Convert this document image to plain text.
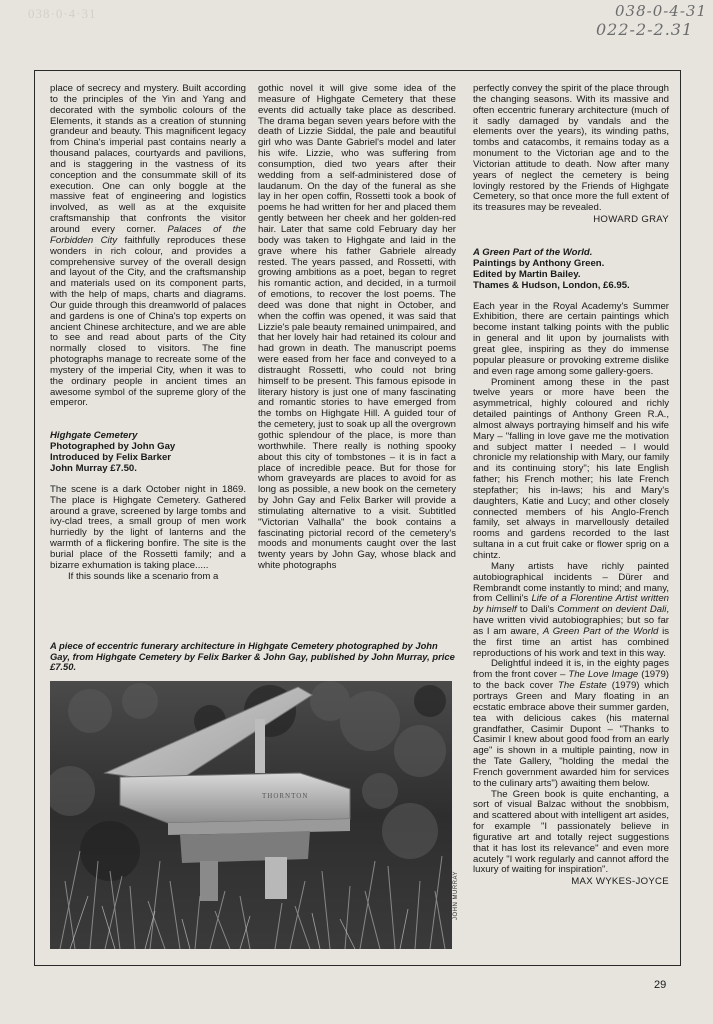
038·0·4·31	038-0-4-31
022-2-2.31

place of secrecy and mystery. Built according to the principles of the Yin and Yang and decorated with the symbolic colours of the Elements, it stands as a creation of stunning grandeur and beauty. This magnificent legacy from China's imperial past contains nearly a thousand palaces, courtyards and pavilions, and is staggering in the vastness of its conception and the consummate skill of its execution. One can only boggle at the massive feat of engineering and logistics involved, as well as at the exquisite craftsmanship that confronts the visitor around every corner. Palaces of the Forbidden City faithfully reproduces these wonders in rich colour, and provides a comprehensive survey of the overall design and layout of the City, and the craftsmanship and materials used on its component parts, with the help of maps, charts and diagrams. Our guide through this dreamworld of palaces and gardens is one of China's top experts on ancient Chinese architecture, and we are able to see and read about parts of the City normally closed to visitors. The fine photographs manage to recreate some of the mystery of the imperial City, when it was to the ordinary people in ancient times an awesome symbol of the supreme glory of the emperor.

Highgate Cemetery
Photographed by John Gay
Introduced by Felix Barker
John Murray £7.50.

The scene is a dark October night in 1869. The place is Highgate Cemetery. Gathered around a grave, screened by large tombs and ivy-clad trees, a small group of men work hurriedly by the light of lanterns and the warmth of a flickering bonfire. The site is the burial place of the Rossetti family; and a bizarre exhumation is taking place.....

If this sounds like a scenario from a

gothic novel it will give some idea of the measure of Highgate Cemetery that these events did actually take place as described. The drama began seven years before with the death of Lizzie Siddal, the pale and beautiful girl who was Dante Gabriel's model and later his wife. Lizzie, who was suffering from consumption, died two years after their wedding from a self-administered dose of laudanum. On the day of the funeral as she lay in her open coffin, Rossetti took a book of poems he had written for her and placed them gently between her cheek and her golden-red hair. Later that same cold February day her body was taken to Highgate and laid in the grave where his father Gabriele already rested. The years passed, and Rossetti, with growing ambitions as a poet, began to regret his romantic action, and decided, in a turmoil of emotions, to recover the lost poems. The deed was done that night in October, and when the coffin was opened, it was said that Lizzie's pale beauty remained unimpaired, and that her lovely hair had retained its colour and had grown in death. The manuscript poems were eased from her face and conveyed to a distraught Rossetti, who could not bring himself to be present. This famous episode in literary history is just one of many fascinating and romantic stories to have emerged from the tombs on Highgate Hill. A guided tour of the cemetery, just to soak up all the overgrown gothic splendour of the place, is more than worthwhile. There really is nothing spooky about this city of tombstones – it is in fact a place of incredible peace. But for those for whom graveyards are places to avoid for as long as possible, a new book on the cemetery by John Gay and Felix Barker will provide a stimulating alternative to a visit. Subtitled "Victorian Valhalla" the book contains a fascinating pictorial record of the cemetery's moods and monuments caught over the last twenty years by John Gay, whose black and white photographs

perfectly convey the spirit of the place through the changing seasons. With its massive and often eccentric funerary architecture (much of it sadly damaged by vandals and the elements over the years), its winding paths, tombs and catacombs, it remains today as a monument to the Victorian age and to the Victorian attitude to death. Now after many years of neglect the cemetery is being lovingly restored by the Friends of Highgate Cemetery, so that once more the full extent of its treasures may be revealed.

HOWARD GRAY
A Green Part of the World.
Paintings by Anthony Green.
Edited by Martin Bailey.
Thames & Hudson, London, £6.95.

Each year in the Royal Academy's Summer Exhibition, there are certain paintings which become instant talking points with the public in general and lit upon by journalists with great glee, inspiring as they do immense popular pleasure or provoking extreme dislike and even rage among some gallery-goers.

Prominent among these in the past twelve years or more have been the asymmetrical, highly coloured and richly detailed paintings of Anthony Green R.A., almost always portraying himself and his wife Mary – "falling in love gave me the motivation and subject matter I needed – I would chronicle my relationship with Mary, our family and its continuing story"; his late English father; his French mother; his late French stepfather; his in-laws; his and Mary's daughters, Katie and Lucy; and other closely connected members of his Anglo-French family, set always in marvellously detailed rooms and gardens recorded to the last sultana in a cut fruit cake or flower sprig on a chintz.

Many artists have richly painted autobiographical incidents – Dürer and Rembrandt come instantly to mind; and many, from Cellini's Life of a Florentine Artist written by himself to Dali's Comment on devient Dali, have written vivid autobiographies; but so far as I am aware, A Green Part of the World is the first time an artist has combined reproductions of his work and text in this way.

Delightful indeed it is, in the eighty pages from the front cover – The Love Image (1979) to the back cover The Estate (1979) which portrays Green and Mary floating in an ecstatic embrace above their summer garden, tea with delicious cakes (his maternal grandfather, Casimir Dupont – "Thanks to Casimir I knew about good food from an early age" is shown in a multiple painting, now in the Tate Gallery, "holding the medal the French government awarded him for services to the culinary arts") awaiting them below.

The Green book is quite enchanting, a sort of visual Balzac without the snobbism, and scattered about with intelligent art asides, for example "I passionately believe in figurative art and totally reject suggestions that it has lost its relevance" and even more acutely "I work regularly and cannot afford the luxury of waiting for inspiration".

MAX WYKES-JOYCE
A piece of eccentric funerary architecture in Highgate Cemetery photographed by John Gay, from Highgate Cemetery by Felix Barker & John Gay, published by John Murray, price £7.50.
THORNTON
JOHN MURRAY
29
